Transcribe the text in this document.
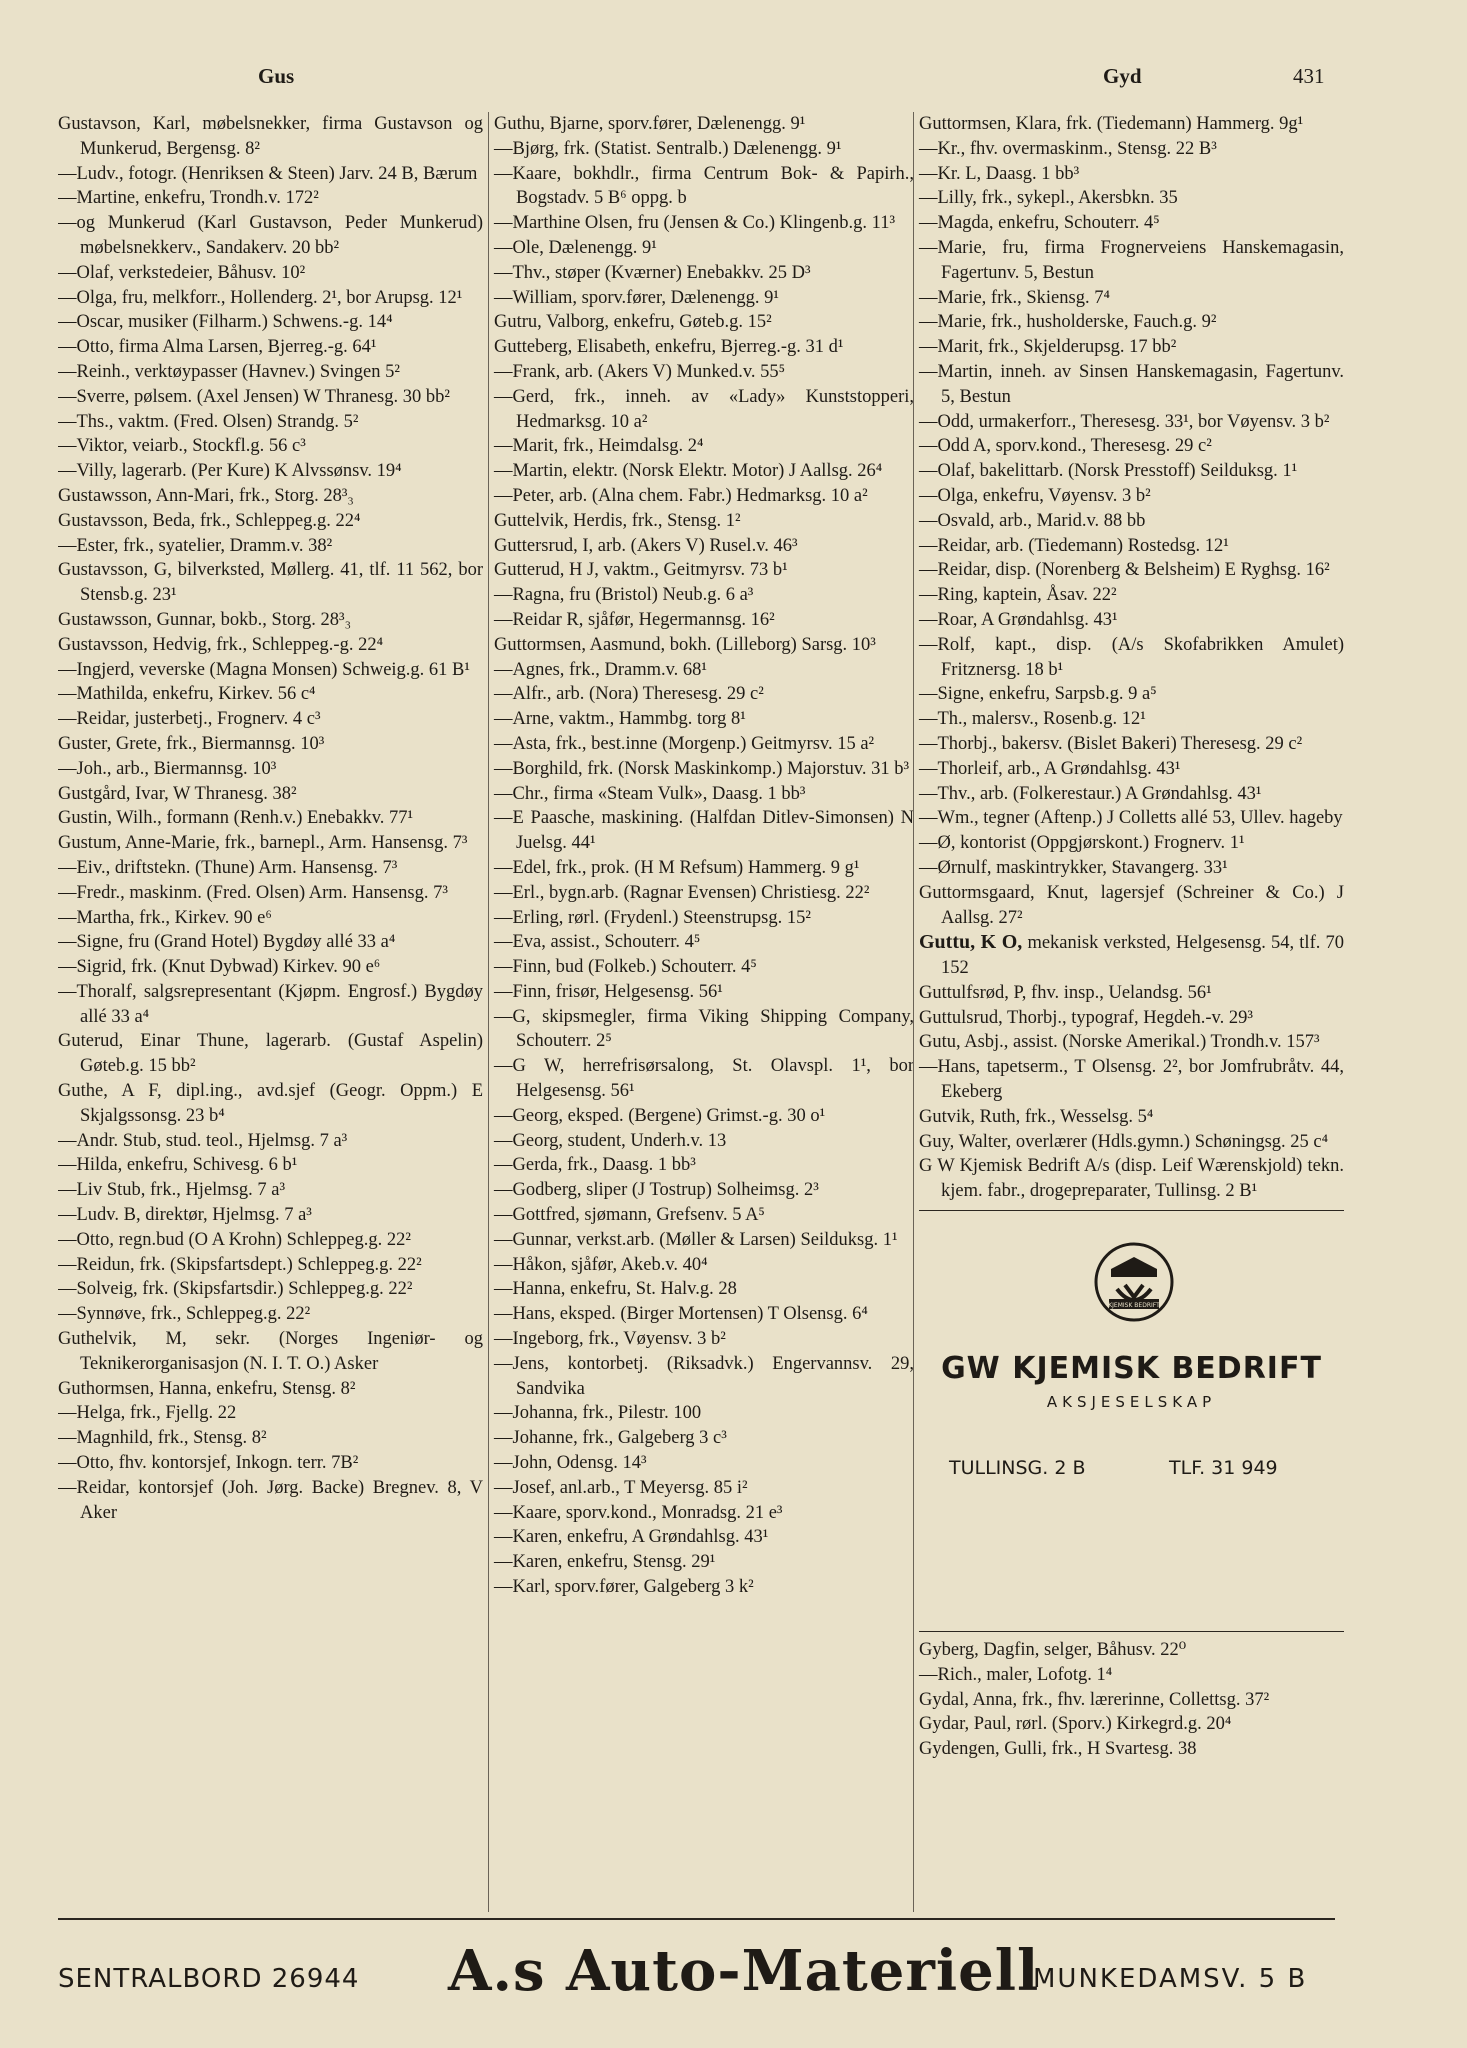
Gus	Gyd	431
Gustavson, Karl, møbelsnekker, firma Gustavson og Munkerud, Bergensg. 8²
—Ludv., fotogr. (Henriksen & Steen) Jarv. 24 B, Bærum
—Martine, enkefru, Trondh.v. 172²
—og Munkerud (Karl Gustavson, Peder Munkerud) møbelsnekkerv., Sandakerv. 20 bb²
—Olaf, verkstedeier, Båhusv. 10²
—Olga, fru, melkforr., Hollenderg. 2¹, bor Arupsg. 12¹
—Oscar, musiker (Filharm.) Schwens.-g. 14⁴
—Otto, firma Alma Larsen, Bjerreg.-g. 64¹
—Reinh., verktøypasser (Havnev.) Svingen 5²
—Sverre, pølsem. (Axel Jensen) W Thranesg. 30 bb²
—Ths., vaktm. (Fred. Olsen) Strandg. 5²
—Viktor, veiarb., Stockfl.g. 56 c³
—Villy, lagerarb. (Per Kure) K Alvssønsv. 19⁴
Gustawsson, Ann-Mari, frk., Storg. 28³₃
Gustavsson, Beda, frk., Schleppeg.g. 22⁴
—Ester, frk., syatelier, Dramm.v. 38²
Gustavsson, G, bilverksted, Møllerg. 41, tlf. 11 562, bor Stensb.g. 23¹
Gustawsson, Gunnar, bokb., Storg. 28³₃
Gustavsson, Hedvig, frk., Schleppeg.-g. 22⁴
—Ingjerd, veverske (Magna Monsen) Schweig.g. 61 B¹
—Mathilda, enkefru, Kirkev. 56 c⁴
—Reidar, justerbetj., Frognerv. 4 c³
Guster, Grete, frk., Biermannsg. 10³
—Joh., arb., Biermannsg. 10³
Gustgård, Ivar, W Thranesg. 38²
Gustin, Wilh., formann (Renh.v.) Enebakkv. 77¹
Gustum, Anne-Marie, frk., barnepl., Arm. Hansensg. 7³
—Eiv., driftstekn. (Thune) Arm. Hansensg. 7³
—Fredr., maskinm. (Fred. Olsen) Arm. Hansensg. 7³
—Martha, frk., Kirkev. 90 e⁶
—Signe, fru (Grand Hotel) Bygdøy allé 33 a⁴
—Sigrid, frk. (Knut Dybwad) Kirkev. 90 e⁶
—Thoralf, salgsrepresentant (Kjøpm. Engrosf.) Bygdøy allé 33 a⁴
Guterud, Einar Thune, lagerarb. (Gustaf Aspelin) Gøteb.g. 15 bb²
Guthe, A F, dipl.ing., avd.sjef (Geogr. Oppm.) E Skjalgssonsg. 23 b⁴
—Andr. Stub, stud. teol., Hjelmsg. 7 a³
—Hilda, enkefru, Schivesg. 6 b¹
—Liv Stub, frk., Hjelmsg. 7 a³
—Ludv. B, direktør, Hjelmsg. 7 a³
—Otto, regn.bud (O A Krohn) Schleppeg.g. 22²
—Reidun, frk. (Skipsfartsdept.) Schleppeg.g. 22²
—Solveig, frk. (Skipsfartsdir.) Schleppeg.g. 22²
—Synnøve, frk., Schleppeg.g. 22²
Guthelvik, M, sekr. (Norges Ingeniør- og Teknikerorganisasjon (N. I. T. O.) Asker
Guthormsen, Hanna, enkefru, Stensg. 8²
—Helga, frk., Fjellg. 22
—Magnhild, frk., Stensg. 8²
—Otto, fhv. kontorsjef, Inkogn. terr. 7B²
—Reidar, kontorsjef (Joh. Jørg. Backe) Bregnev. 8, V Aker
Guthu, Bjarne, sporv.fører, Dælenengg. 9¹
—Bjørg, frk. (Statist. Sentralb.) Dælenengg. 9¹
—Kaare, bokhdlr., firma Centrum Bok- & Papirh., Bogstadv. 5 B⁶ oppg. b
—Marthine Olsen, fru (Jensen & Co.) Klingenb.g. 11³
—Ole, Dælenengg. 9¹
—Thv., støper (Kværner) Enebakkv. 25 D³
—William, sporv.fører, Dælenengg. 9¹
Gutru, Valborg, enkefru, Gøteb.g. 15²
Gutteberg, Elisabeth, enkefru, Bjerreg.-g. 31 d¹
—Frank, arb. (Akers V) Munked.v. 55⁵
—Gerd, frk., inneh. av «Lady» Kunststopperi, Hedmarksg. 10 a²
—Marit, frk., Heimdalsg. 2⁴
—Martin, elektr. (Norsk Elektr. Motor) J Aallsg. 26⁴
—Peter, arb. (Alna chem. Fabr.) Hedmarksg. 10 a²
Guttelvik, Herdis, frk., Stensg. 1²
Guttersrud, I, arb. (Akers V) Rusel.v. 46³
Gutterud, H J, vaktm., Geitmyrsv. 73 b¹
—Ragna, fru (Bristol) Neub.g. 6 a³
—Reidar R, sjåfør, Hegermannsg. 16²
Guttormsen, Aasmund, bokh. (Lilleborg) Sarsg. 10³
—Agnes, frk., Dramm.v. 68¹
—Alfr., arb. (Nora) Theresesg. 29 c²
—Arne, vaktm., Hammbg. torg 8¹
—Asta, frk., best.inne (Morgenp.) Geitmyrsv. 15 a²
—Borghild, frk. (Norsk Maskinkomp.) Majorstuv. 31 b³
—Chr., firma «Steam Vulk», Daasg. 1 bb³
—E Paasche, maskining. (Halfdan Ditlev-Simonsen) N Juelsg. 44¹
—Edel, frk., prok. (H M Refsum) Hammerg. 9 g¹
—Erl., bygn.arb. (Ragnar Evensen) Christiesg. 22²
—Erling, rørl. (Frydenl.) Steenstrupsg. 15²
—Eva, assist., Schouterr. 4⁵
—Finn, bud (Folkeb.) Schouterr. 4⁵
—Finn, frisør, Helgesensg. 56¹
—G, skipsmegler, firma Viking Shipping Company, Schouterr. 2⁵
—G W, herrefrisørsalong, St. Olavspl. 1¹, bor Helgesensg. 56¹
—Georg, eksped. (Bergene) Grimst.-g. 30 o¹
—Georg, student, Underh.v. 13
—Gerda, frk., Daasg. 1 bb³
—Godberg, sliper (J Tostrup) Solheimsg. 2³
—Gottfred, sjømann, Grefsenv. 5 A⁵
—Gunnar, verkst.arb. (Møller & Larsen) Seilduksg. 1¹
—Håkon, sjåfør, Akeb.v. 40⁴
—Hanna, enkefru, St. Halv.g. 28
—Hans, eksped. (Birger Mortensen) T Olsensg. 6⁴
—Ingeborg, frk., Vøyensv. 3 b²
—Jens, kontorbetj. (Riksadvk.) Engervannsv. 29, Sandvika
—Johanna, frk., Pilestr. 100
—Johanne, frk., Galgeberg 3 c³
—John, Odensg. 14³
—Josef, anl.arb., T Meyersg. 85 i²
—Kaare, sporv.kond., Monradsg. 21 e³
—Karen, enkefru, A Grøndahlsg. 43¹
—Karen, enkefru, Stensg. 29¹
—Karl, sporv.fører, Galgeberg 3 k²
Guttormsen, Klara, frk. (Tiedemann) Hammerg. 9g¹
—Kr., fhv. overmaskinm., Stensg. 22 B³
—Kr. L, Daasg. 1 bb³
—Lilly, frk., sykepl., Akersbkn. 35
—Magda, enkefru, Schouterr. 4⁵
—Marie, fru, firma Frognerveiens Hanskemagasin, Fagertunv. 5, Bestun
—Marie, frk., Skiensg. 7⁴
—Marie, frk., husholderske, Fauch.g. 9²
—Marit, frk., Skjelderupsg. 17 bb²
—Martin, inneh. av Sinsen Hanskemagasin, Fagertunv. 5, Bestun
—Odd, urmakerforr., Theresesg. 33¹, bor Vøyensv. 3 b²
—Odd A, sporv.kond., Theresesg. 29 c²
—Olaf, bakelittarb. (Norsk Presstoff) Seilduksg. 1¹
—Olga, enkefru, Vøyensv. 3 b²
—Osvald, arb., Marid.v. 88 bb
—Reidar, arb. (Tiedemann) Rostedsg. 12¹
—Reidar, disp. (Norenberg & Belsheim) E Ryghsg. 16²
—Ring, kaptein, Åsav. 22²
—Roar, A Grøndahlsg. 43¹
—Rolf, kapt., disp. (A/s Skofabrikken Amulet) Fritznersg. 18 b¹
—Signe, enkefru, Sarpsb.g. 9 a⁵
—Th., malersv., Rosenb.g. 12¹
—Thorbj., bakersv. (Bislet Bakeri) Theresesg. 29 c²
—Thorleif, arb., A Grøndahlsg. 43¹
—Thv., arb. (Folkerestaur.) A Grøndahlsg. 43¹
—Wm., tegner (Aftenp.) J Colletts allé 53, Ullev. hageby
—Ø, kontorist (Oppgjørskont.) Frognerv. 1¹
—Ørnulf, maskintrykker, Stavangerg. 33¹
Guttormsgaard, Knut, lagersjef (Schreiner & Co.) J Aallsg. 27²
Guttu, K O, mekanisk verksted, Helgesensg. 54, tlf. 70 152
Guttulfsrød, P, fhv. insp., Uelandsg. 56¹
Guttulsrud, Thorbj., typograf, Hegdeh.-v. 29³
Gutu, Asbj., assist. (Norske Amerikal.) Trondh.v. 157³
—Hans, tapetserm., T Olsensg. 2², bor Jomfrubråtv. 44, Ekeberg
Gutvik, Ruth, frk., Wesselsg. 5⁴
Guy, Walter, overlærer (Hdls.gymn.) Schøningsg. 25 c⁴
G W Kjemisk Bedrift A/s (disp. Leif Wærenskjold) tekn. kjem. fabr., drogepreparater, Tullinsg. 2 B¹
KJEMISK BEDRIFT
GW KJEMISK BEDRIFT
AKSJESELSKAP
TULLINSG. 2 B	TLF. 31 949
Gyberg, Dagfin, selger, Båhusv. 22⁰
—Rich., maler, Lofotg. 1⁴
Gydal, Anna, frk., fhv. lærerinne, Collettsg. 37²
Gydar, Paul, rørl. (Sporv.) Kirkegrd.g. 20⁴
Gydengen, Gulli, frk., H Svartesg. 38
SENTRALBORD 26944 A.s Auto-Materiell
MUNKEDAMSV. 5 B
